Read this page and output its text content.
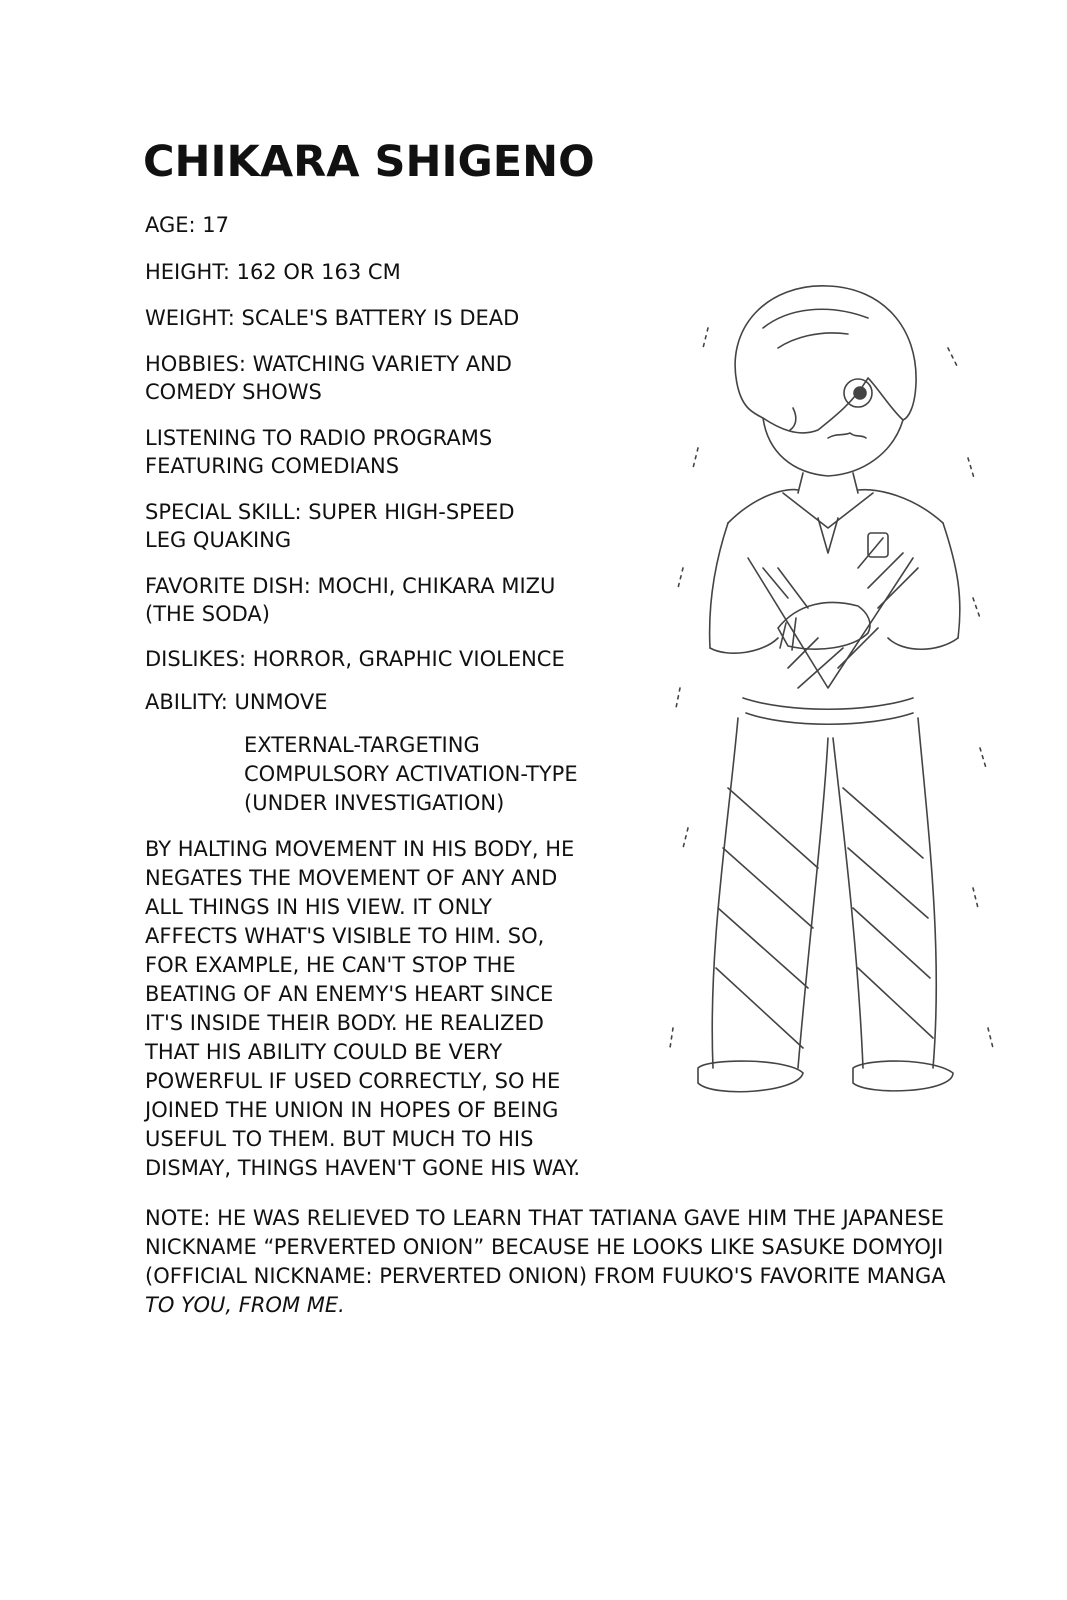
CHIKARA SHIGENO
AGE: 17
HEIGHT: 162 OR 163 CM
WEIGHT: SCALE'S BATTERY IS DEAD
HOBBIES: WATCHING VARIETY AND
COMEDY SHOWS
LISTENING TO RADIO PROGRAMS
FEATURING COMEDIANS
SPECIAL SKILL: SUPER HIGH-SPEED
LEG QUAKING
FAVORITE DISH: MOCHI, CHIKARA MIZU
(THE SODA)
DISLIKES: HORROR, GRAPHIC VIOLENCE
ABILITY: UNMOVE
EXTERNAL-TARGETING
COMPULSORY ACTIVATION-TYPE
(UNDER INVESTIGATION)

BY HALTING MOVEMENT IN HIS BODY, HE
NEGATES THE MOVEMENT OF ANY AND
ALL THINGS IN HIS VIEW. IT ONLY
AFFECTS WHAT'S VISIBLE TO HIM. SO,
FOR EXAMPLE, HE CAN'T STOP THE
BEATING OF AN ENEMY'S HEART SINCE
IT'S INSIDE THEIR BODY. HE REALIZED
THAT HIS ABILITY COULD BE VERY
POWERFUL IF USED CORRECTLY, SO HE
JOINED THE UNION IN HOPES OF BEING
USEFUL TO THEM. BUT MUCH TO HIS
DISMAY, THINGS HAVEN'T GONE HIS WAY.

NOTE: HE WAS RELIEVED TO LEARN THAT TATIANA GAVE HIM THE JAPANESE NICKNAME “PERVERTED ONION” BECAUSE HE LOOKS LIKE SASUKE DOMYOJI (OFFICIAL NICKNAME: PERVERTED ONION) FROM FUUKO'S FAVORITE MANGA TO YOU, FROM ME.
